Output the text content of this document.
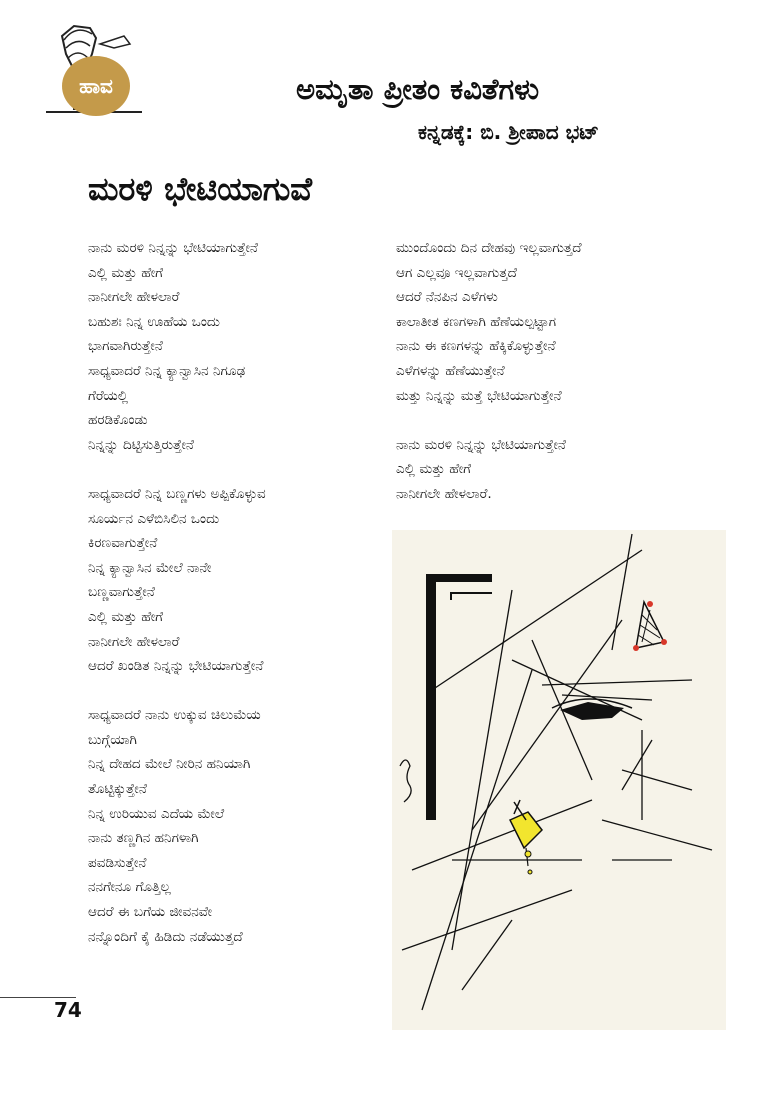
ಹಾವ	ಅಮೃತಾ ಪ್ರೀತಂ ಕವಿತೆಗಳು
ಕನ್ನಡಕ್ಕೆ: ಬಿ. ಶ್ರೀಪಾದ ಭಟ್
ಮರಳಿ ಭೇಟಿಯಾಗುವೆ
ನಾನು ಮರಳಿ ನಿನ್ನನ್ನು ಭೇಟಿಯಾಗುತ್ತೇನೆ
ಎಲ್ಲಿ ಮತ್ತು ಹೇಗೆ
ನಾನೀಗಲೇ ಹೇಳಲಾರೆ
ಬಹುಶಃ ನಿನ್ನ ಊಹೆಯ ಒಂದು
ಭಾಗವಾಗಿರುತ್ತೇನೆ
ಸಾಧ್ಯವಾದರೆ ನಿನ್ನ ಕ್ಯಾನ್ವಾಸಿನ ನಿಗೂಢ
ಗೆರೆಯಲ್ಲಿ
ಹರಡಿಕೊಂಡು
ನಿನ್ನನ್ನು ದಿಟ್ಟಿಸುತ್ತಿರುತ್ತೇನೆ
ಸಾಧ್ಯವಾದರೆ ನಿನ್ನ ಬಣ್ಣಗಳು ಅಪ್ಪಿಕೊಳ್ಳುವ
ಸೂರ್ಯನ ಎಳೆಬಿಸಿಲಿನ ಒಂದು
ಕಿರಣವಾಗುತ್ತೇನೆ
ನಿನ್ನ ಕ್ಯಾನ್ವಾಸಿನ ಮೇಲೆ ನಾನೇ
ಬಣ್ಣವಾಗುತ್ತೇನೆ
ಎಲ್ಲಿ ಮತ್ತು ಹೇಗೆ
ನಾನೀಗಲೇ ಹೇಳಲಾರೆ
ಆದರೆ ಖಂಡಿತ ನಿನ್ನನ್ನು ಭೇಟಿಯಾಗುತ್ತೇನೆ
ಸಾಧ್ಯವಾದರೆ ನಾನು ಉಕ್ಕುವ ಚಿಲುಮೆಯ
ಬುಗ್ಗೆಯಾಗಿ
ನಿನ್ನ ದೇಹದ ಮೇಲೆ ನೀರಿನ ಹನಿಯಾಗಿ
ತೊಟ್ಟಿಕ್ಕುತ್ತೇನೆ
ನಿನ್ನ ಉರಿಯುವ ಎದೆಯ ಮೇಲೆ
ನಾನು ತಣ್ಣಗಿನ ಹನಿಗಳಾಗಿ
ಪವಡಿಸುತ್ತೇನೆ
ನನಗೇನೂ ಗೊತ್ತಿಲ್ಲ
ಆದರೆ ಈ ಬಗೆಯ ಜೀವನವೇ
ನನ್ನೊಂದಿಗೆ ಕೈ ಹಿಡಿದು ನಡೆಯುತ್ತದೆ
ಮುಂದೊಂದು ದಿನ ದೇಹವು ಇಲ್ಲವಾಗುತ್ತದೆ
ಆಗ ಎಲ್ಲವೂ ಇಲ್ಲವಾಗುತ್ತದೆ
ಆದರೆ ನೆನಪಿನ ಎಳೆಗಳು
ಕಾಲಾತೀತ ಕಣಗಳಾಗಿ ಹೆಣೆಯಲ್ಪಟ್ಟಾಗ
ನಾನು ಈ ಕಣಗಳನ್ನು ಹೆಕ್ಕಿಕೊಳ್ಳುತ್ತೇನೆ
ಎಳೆಗಳನ್ನು ಹೆಣೆಯುತ್ತೇನೆ
ಮತ್ತು ನಿನ್ನನ್ನು ಮತ್ತೆ ಭೇಟಿಯಾಗುತ್ತೇನೆ
ನಾನು ಮರಳಿ ನಿನ್ನನ್ನು ಭೇಟಿಯಾಗುತ್ತೇನೆ
ಎಲ್ಲಿ ಮತ್ತು ಹೇಗೆ
ನಾನೀಗಲೇ ಹೇಳಲಾರೆ.
74
